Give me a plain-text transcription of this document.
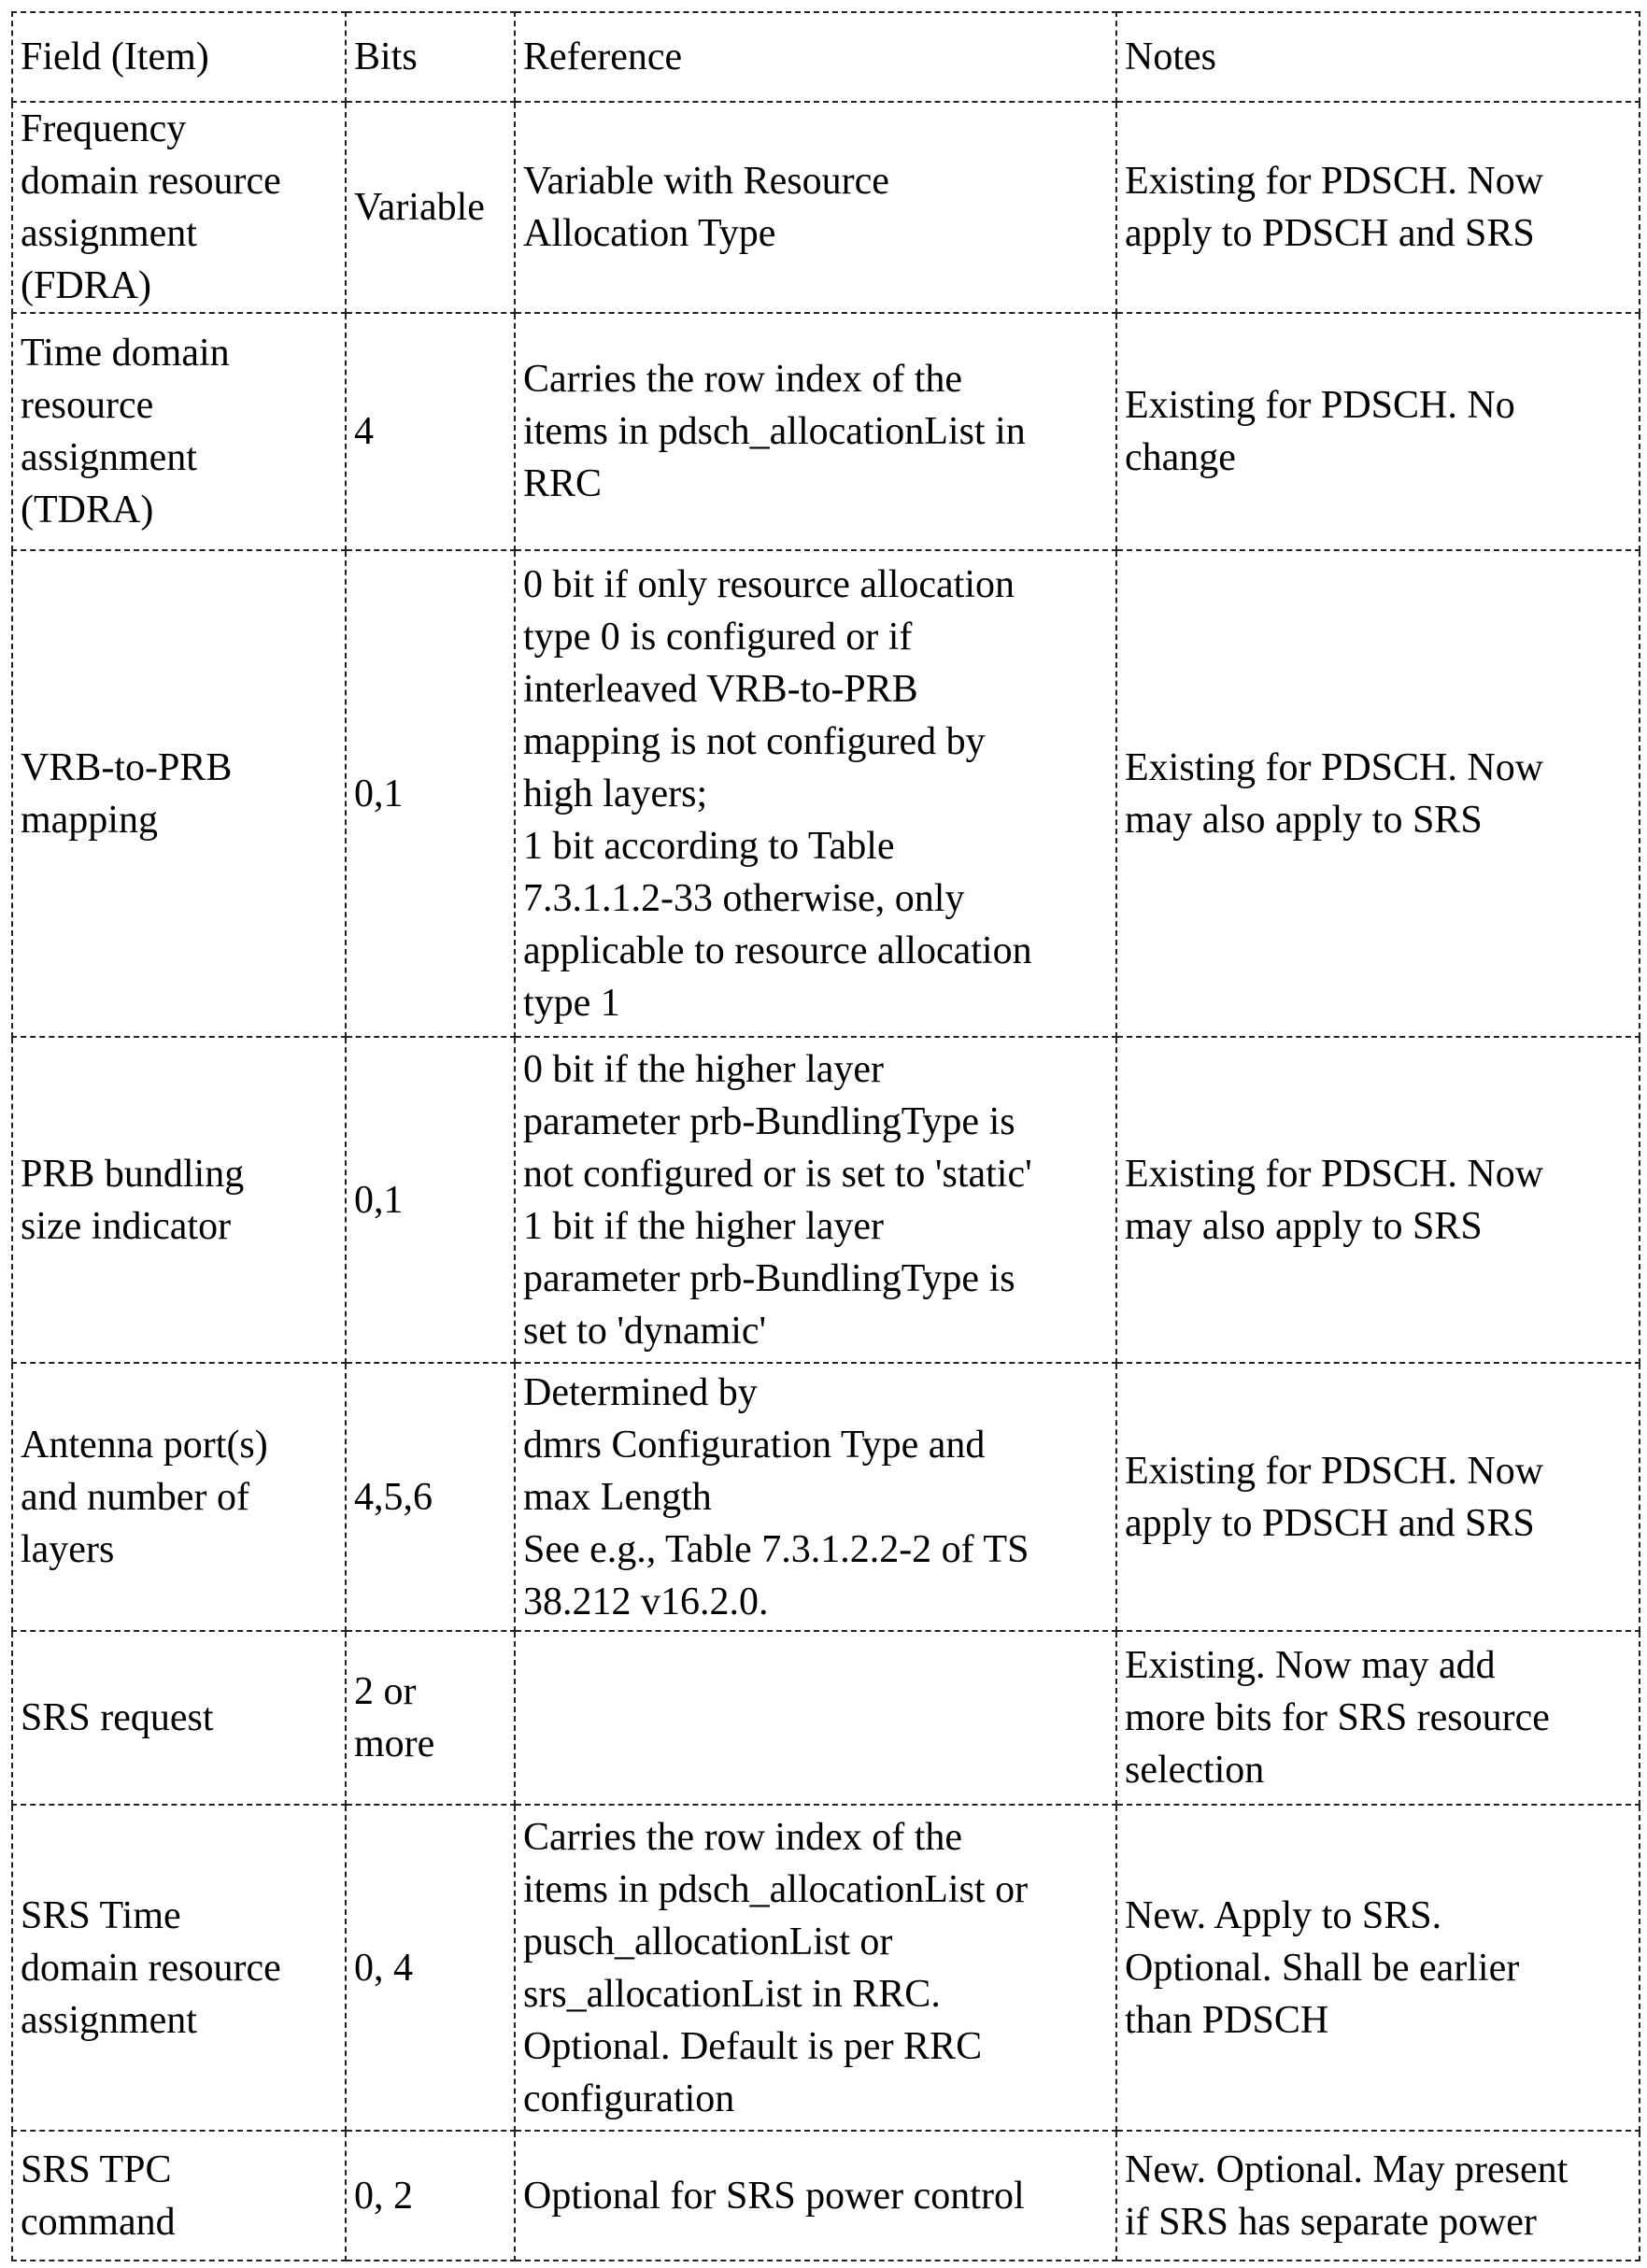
Field (Item)	Bits	Reference	Notes
Frequency
domain resource
assignment
(FDRA)	Variable	Variable with Resource
Allocation Type	Existing for PDSCH. Now
apply to PDSCH and SRS
Time domain
resource
assignment
(TDRA)	4	Carries the row index of the
items in pdsch_allocationList in
RRC	Existing for PDSCH. No
change
VRB-to-PRB
mapping	0,1	0 bit if only resource allocation
type 0 is configured or if
interleaved VRB-to-PRB
mapping is not configured by
high layers;
1 bit according to Table
7.3.1.1.2-33 otherwise, only
applicable to resource allocation
type 1	Existing for PDSCH. Now
may also apply to SRS
PRB bundling
size indicator	0,1	0 bit if the higher layer
parameter prb-BundlingType is
not configured or is set to 'static'
1 bit if the higher layer
parameter prb-BundlingType is
set to 'dynamic'	Existing for PDSCH. Now
may also apply to SRS
Antenna port(s)
and number of
layers	4,5,6	Determined by
dmrs Configuration Type and
max Length
See e.g., Table 7.3.1.2.2-2 of TS
38.212 v16.2.0.	Existing for PDSCH. Now
apply to PDSCH and SRS
SRS request	2 or
more		Existing. Now may add
more bits for SRS resource
selection
SRS Time
domain resource
assignment	0, 4	Carries the row index of the
items in pdsch_allocationList or
pusch_allocationList or
srs_allocationList in RRC.
Optional. Default is per RRC
configuration	New. Apply to SRS.
Optional. Shall be earlier
than PDSCH
SRS TPC
command	0, 2	Optional for SRS power control	New. Optional. May present
if SRS has separate power
